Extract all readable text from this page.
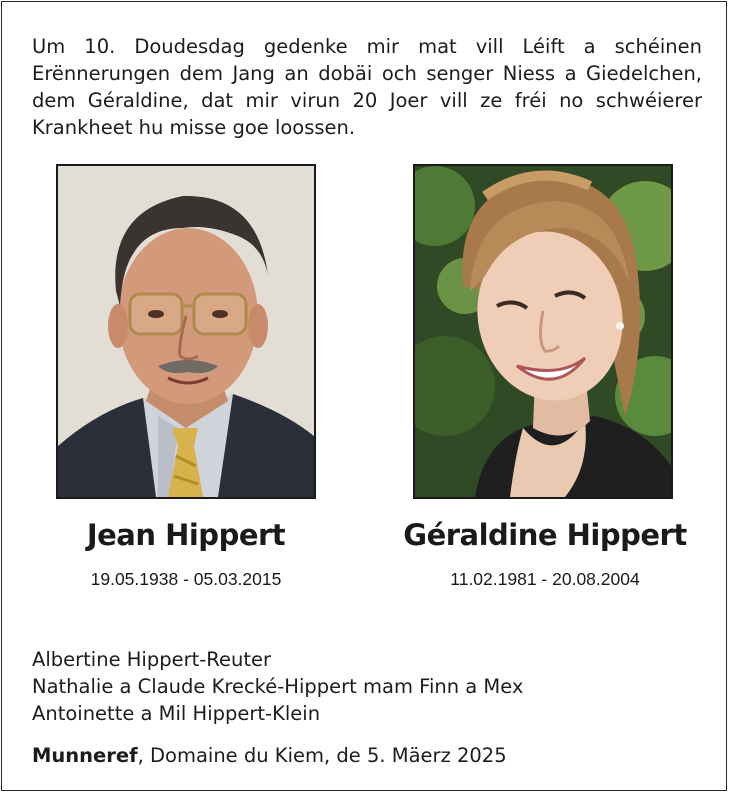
Um 10. Doudesdag gedenke mir mat vill Léift a schéinen
Erënnerungen dem Jang an dobäi och senger Niess a Giedelchen,
dem Géraldine, dat mir virun 20 Joer vill ze fréi no schwéierer
Krankheet hu misse goe loossen.
Jean Hippert
19.05.1938 - 05.03.2015
Géraldine Hippert
11.02.1981 - 20.08.2004
Albertine Hippert-Reuter
Nathalie a Claude Krecké-Hippert mam Finn a Mex
Antoinette a Mil Hippert-Klein
Munneref, Domaine du Kiem, de 5. Mäerz 2025
